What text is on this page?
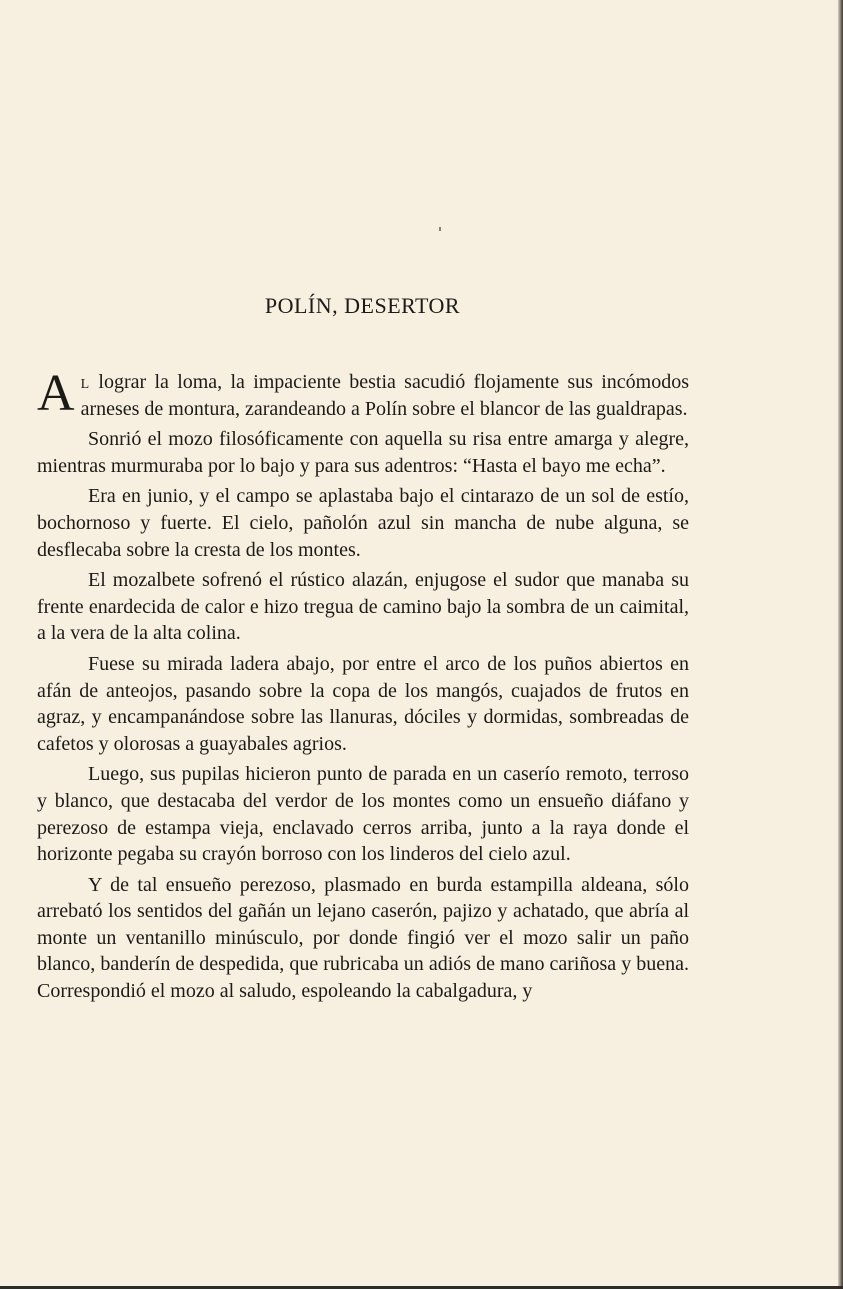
POLÍN, DESERTOR

A l lograr la loma, la impaciente bestia sacudió flojamente sus incómodos arneses de montura, zarandeando a Polín sobre el blancor de las gualdrapas.

Sonrió el mozo filosóficamente con aquella su risa entre amarga y alegre, mientras murmuraba por lo bajo y para sus adentros: “Hasta el bayo me echa”.

Era en junio, y el campo se aplastaba bajo el cintarazo de un sol de estío, bochornoso y fuerte. El cielo, pañolón azul sin mancha de nube alguna, se desflecaba sobre la cresta de los montes.

El mozalbete sofrenó el rústico alazán, enjugose el sudor que manaba su frente enardecida de calor e hizo tregua de camino bajo la sombra de un caimital, a la vera de la alta colina.

Fuese su mirada ladera abajo, por entre el arco de los puños abiertos en afán de anteojos, pasando sobre la copa de los mangós, cuajados de frutos en agraz, y encampanándose sobre las llanuras, dóciles y dormidas, sombreadas de cafetos y olorosas a guayabales agrios.

Luego, sus pupilas hicieron punto de parada en un caserío remoto, terroso y blanco, que destacaba del verdor de los montes como un ensueño diáfano y perezoso de estampa vieja, enclavado cerros arriba, junto a la raya donde el horizonte pegaba su crayón borroso con los linderos del cielo azul.

Y de tal ensueño perezoso, plasmado en burda estampilla aldeana, sólo arrebató los sentidos del gañán un lejano caserón, pajizo y achatado, que abría al monte un ventanillo minúsculo, por donde fingió ver el mozo salir un paño blanco, banderín de despedida, que rubricaba un adiós de mano cariñosa y buena. Correspondió el mozo al saludo, espoleando la cabalgadura, y
